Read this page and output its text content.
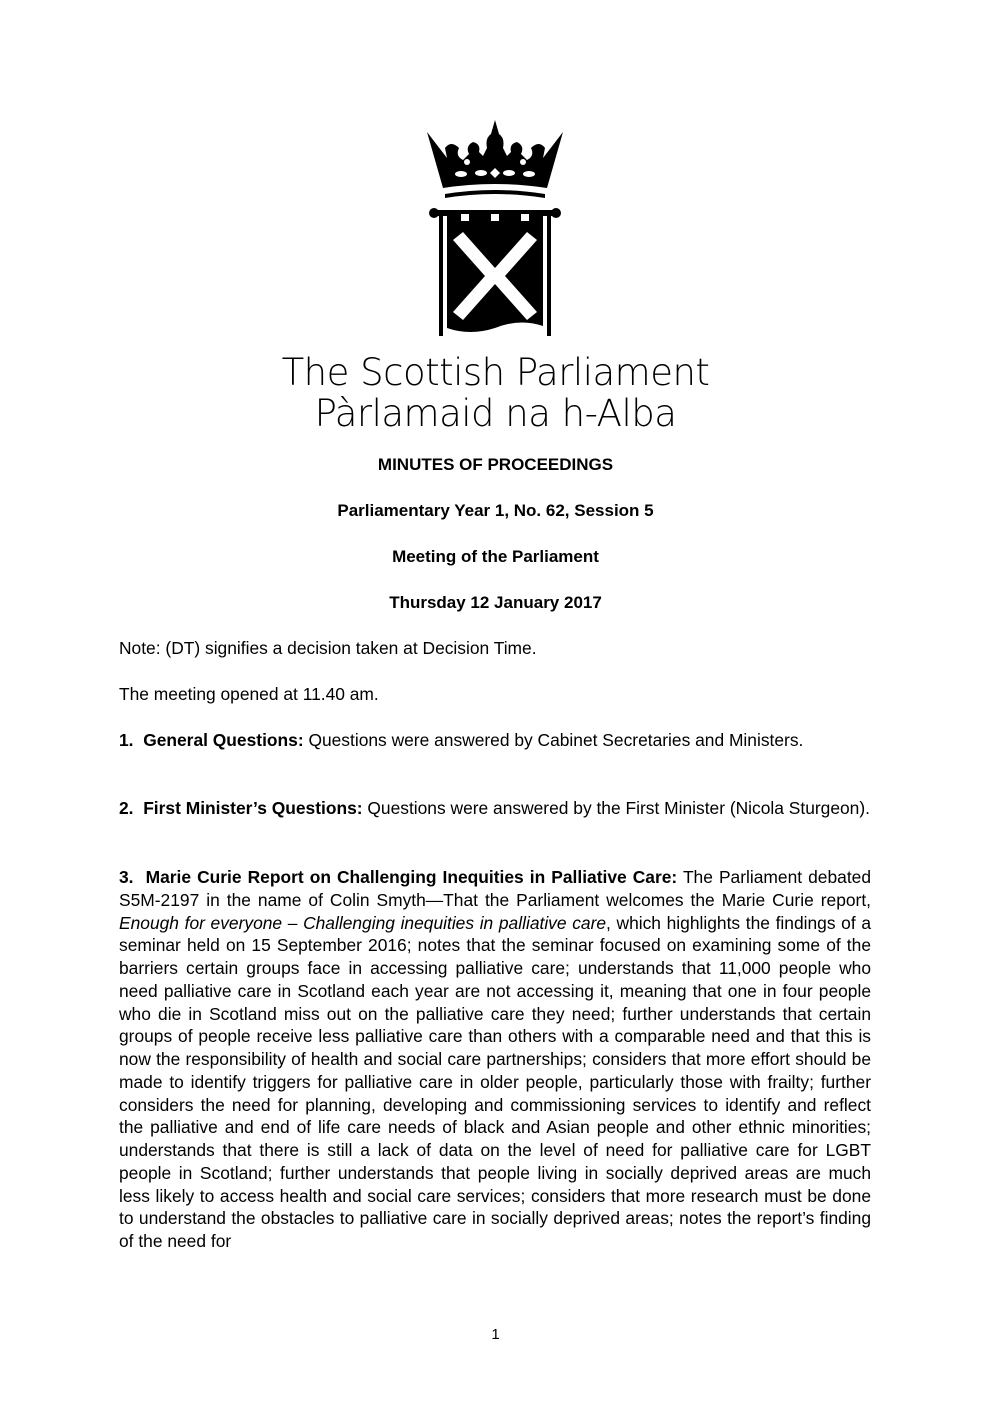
The Scottish Parliament
Pàrlamaid na h-Alba
MINUTES OF PROCEEDINGS
Parliamentary Year 1, No. 62, Session 5
Meeting of the Parliament
Thursday 12 January 2017
Note: (DT) signifies a decision taken at Decision Time.
The meeting opened at 11.40 am.
1. General Questions: Questions were answered by Cabinet Secretaries and Ministers.
2. First Minister’s Questions: Questions were answered by the First Minister (Nicola Sturgeon).
3. Marie Curie Report on Challenging Inequities in Palliative Care: The Parliament debated S5M-2197 in the name of Colin Smyth—That the Parliament welcomes the Marie Curie report, Enough for everyone – Challenging inequities in palliative care, which highlights the findings of a seminar held on 15 September 2016; notes that the seminar focused on examining some of the barriers certain groups face in accessing palliative care; understands that 11,000 people who need palliative care in Scotland each year are not accessing it, meaning that one in four people who die in Scotland miss out on the palliative care they need; further understands that certain groups of people receive less palliative care than others with a comparable need and that this is now the responsibility of health and social care partnerships; considers that more effort should be made to identify triggers for palliative care in older people, particularly those with frailty; further considers the need for planning, developing and commissioning services to identify and reflect the palliative and end of life care needs of black and Asian people and other ethnic minorities; understands that there is still a lack of data on the level of need for palliative care for LGBT people in Scotland; further understands that people living in socially deprived areas are much less likely to access health and social care services; considers that more research must be done to understand the obstacles to palliative care in socially deprived areas; notes the report’s finding of the need for
1
